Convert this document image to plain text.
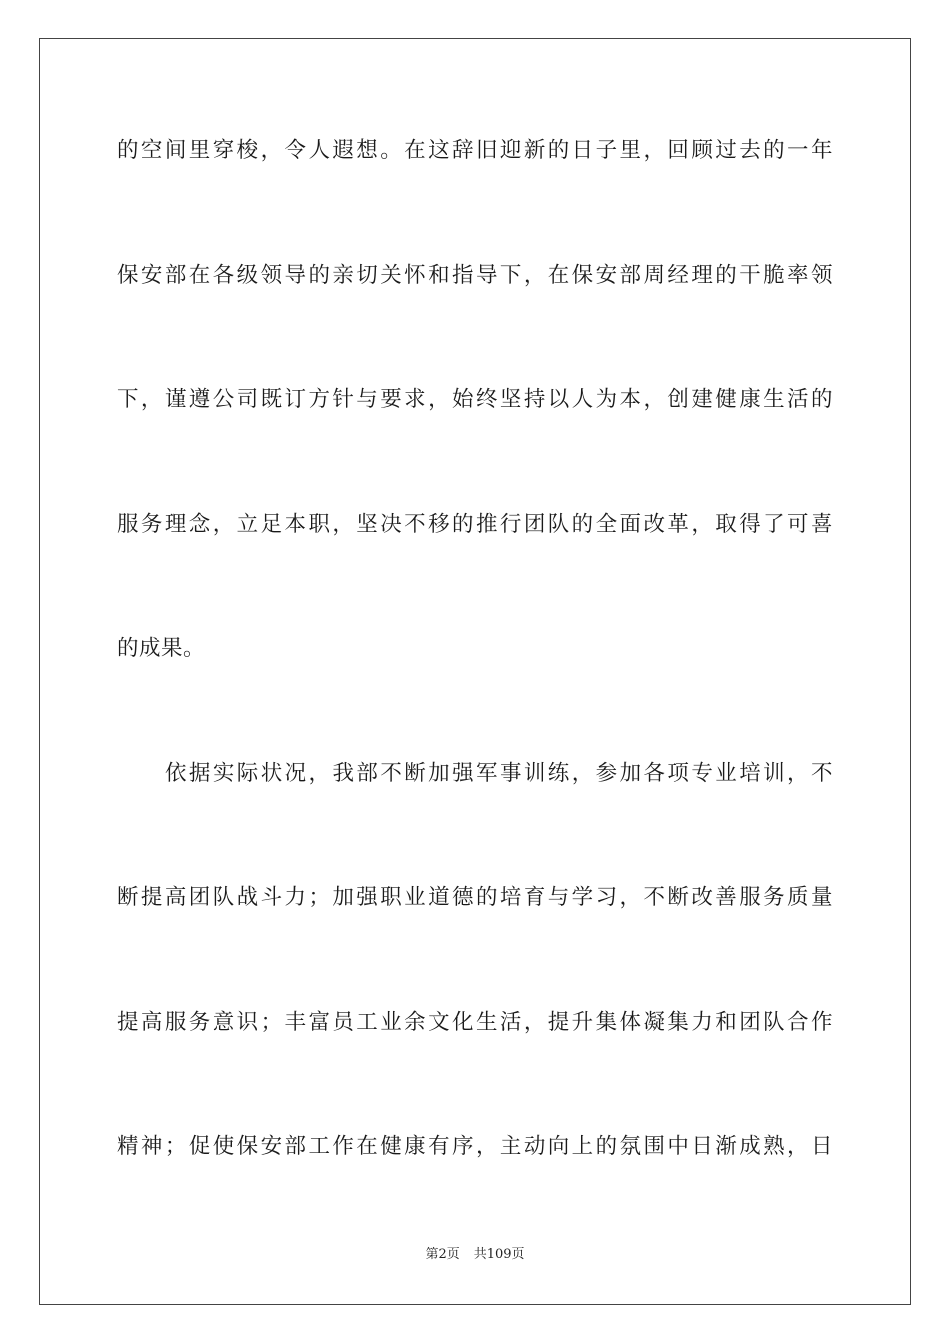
的空间里穿梭，令人遐想。在这辞旧迎新的日子里，回顾过去的一年
保安部在各级领导的亲切关怀和指导下，在保安部周经理的干脆率领
下，谨遵公司既订方针与要求，始终坚持以人为本，创建健康生活的
服务理念，立足本职，坚决不移的推行团队的全面改革，取得了可喜
的成果。
依据实际状况，我部不断加强军事训练，参加各项专业培训，不
断提高团队战斗力；加强职业道德的培育与学习，不断改善服务质量
提高服务意识；丰富员工业余文化生活，提升集体凝集力和团队合作
精神；促使保安部工作在健康有序，主动向上的氛围中日渐成熟，日
第2页 共109页
